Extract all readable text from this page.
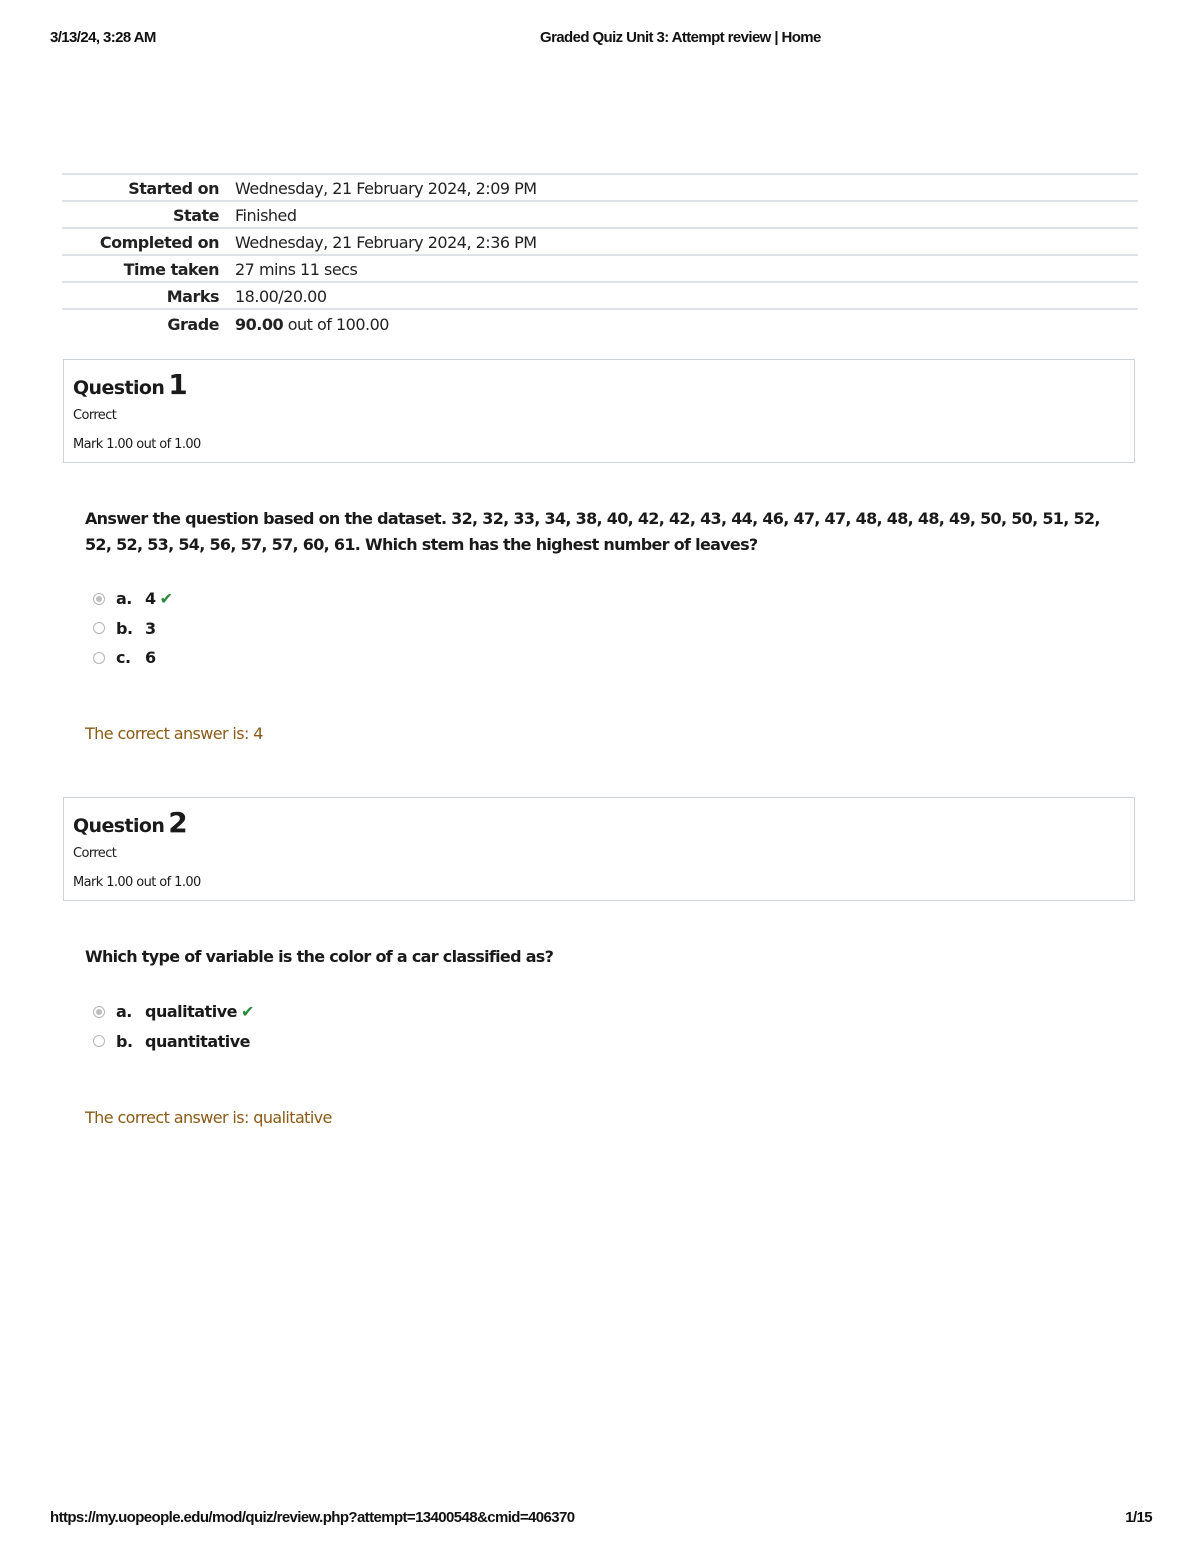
3/13/24, 3:28 AM	Graded Quiz Unit 3: Attempt review | Home
Started on	Wednesday, 21 February 2024, 2:09 PM
State	Finished
Completed on	Wednesday, 21 February 2024, 2:36 PM
Time taken	27 mins 11 secs
Marks	18.00/20.00
Grade	90.00 out of 100.00
Question 1
Correct
Mark 1.00 out of 1.00
Answer the question based on the dataset. 32, 32, 33, 34, 38, 40, 42, 42, 43, 44, 46, 47, 47, 48, 48, 48, 49, 50, 50, 51, 52, 52, 52, 53, 54, 56, 57, 57, 60, 61. Which stem has the highest number of leaves?
a. 4 ✔
b. 3
c. 6
The correct answer is: 4
Question 2
Correct
Mark 1.00 out of 1.00
Which type of variable is the color of a car classified as?
a. qualitative ✔
b. quantitative
The correct answer is: qualitative
https://my.uopeople.edu/mod/quiz/review.php?attempt=13400548&cmid=406370	1/15
